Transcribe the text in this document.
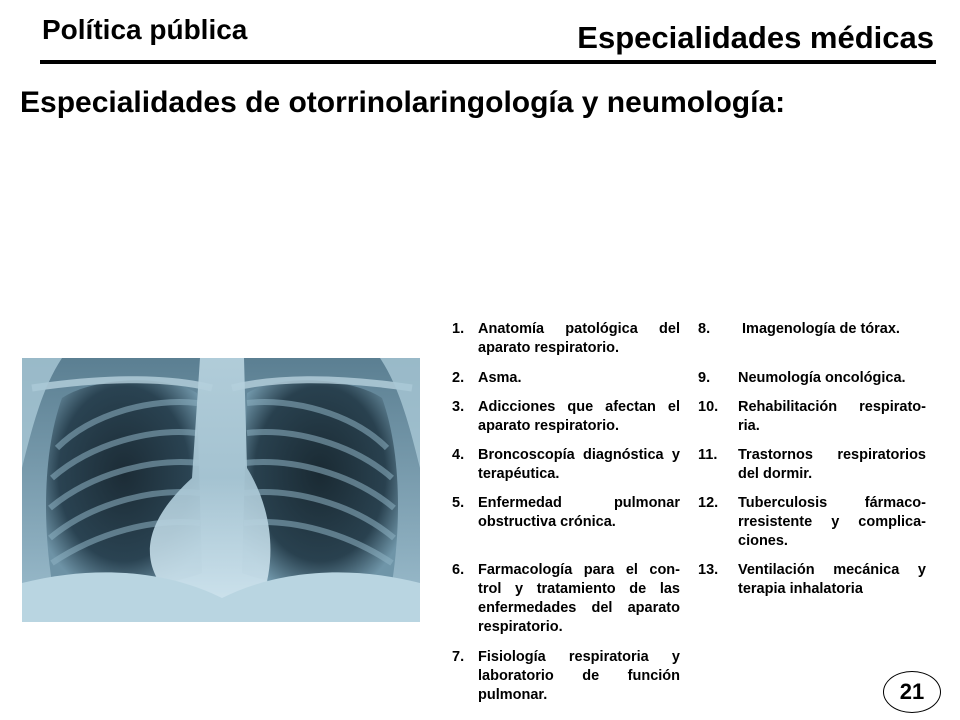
Política pública	Especialidades médicas
Especialidades de otorrinolaringología y neumología:
1. Anatomía patológica del aparato respiratorio.
2. Asma.
3. Adicciones que afectan el aparato respiratorio.
4. Broncoscopía diagnóstica y terapéutica.
5. Enfermedad pulmonar obstructiva crónica.
6. Farmacología para el con-trol y tratamiento de las enfermedades del aparato respiratorio.
7. Fisiología respiratoria y laboratorio de función pulmonar.
8.	Imagenología de tórax.
9.	Neumología oncológica.
10.	Rehabilitación respirato-ria.
11.	Trastornos respiratorios del dormir.
12.	Tuberculosis fármaco-rresistente y complica-ciones.
13.	Ventilación mecánica y terapia inhalatoria
21
